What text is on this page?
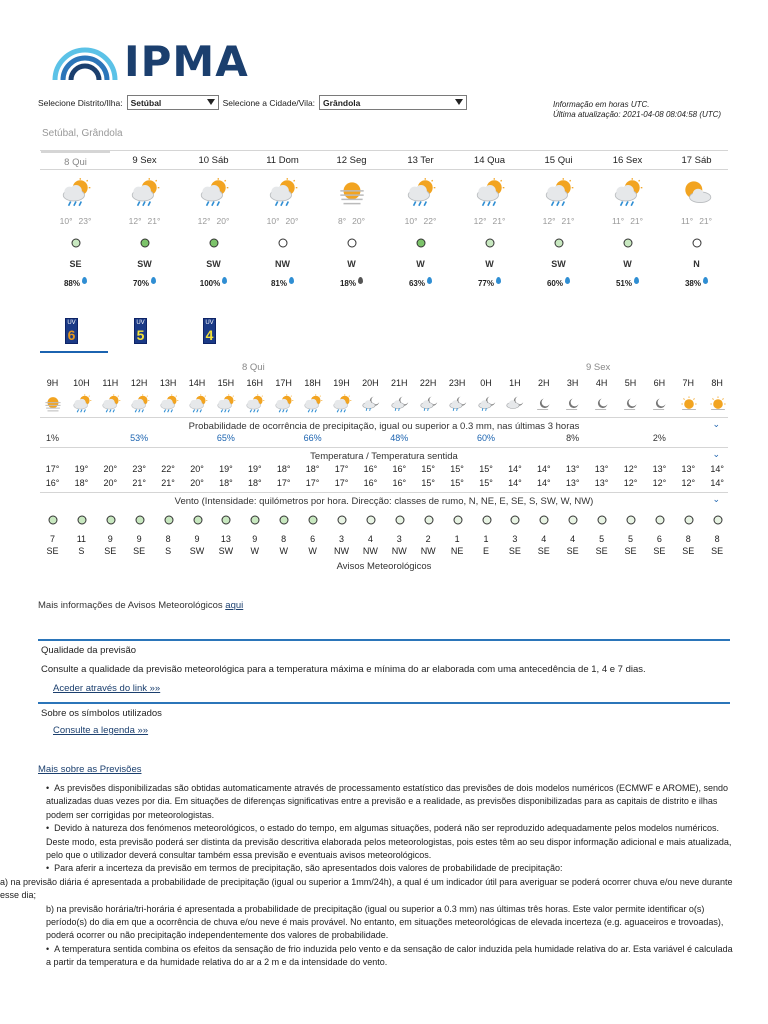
IPMA
Selecione Distrito/Ilha: Setúbal	Selecione a Cidade/Vila: Grândola	Informação em horas UTC.
Última atualização: 2021-04-08 08:04:58 (UTC)
Setúbal, Grândola
8 Qui	9 Sex	10 Sáb	11 Dom	12 Seg	13 Ter	14 Qua	15 Qui	16 Sex	17 Sáb
10° 23°	12° 21°	12° 20°	10° 20°	8° 20°	10° 22°	12° 21°	12° 21°	11° 21°	11° 21°
SE	SW	SW	NW	W	W	W	SW	W	N
88%	70%	100%	81%	18%	63%	77%	60%	51%	38%
UV
6
UV
5
UV
4
8 Qui	9 Sex
9H	10H	11H	12H	13H	14H	15H	16H	17H	18H	19H	20H	21H	22H	23H	0H	1H	2H	3H	4H	5H	6H	7H	8H
Probabilidade de ocorrência de precipitação, igual ou superior a 0.3 mm, nas últimas 3 horas	⌄
1%	53%	65%	66%	48%	60%	8%	2%
Temperatura / Temperatura sentida	⌄
17°	19°	20°	23°	22°	20°	19°	19°	18°	18°	17°	16°	16°	15°	15°	15°	14°	14°	13°	13°	12°	13°	13°	14°
16°	18°	20°	21°	21°	20°	18°	18°	17°	17°	17°	16°	16°	15°	15°	15°	14°	14°	13°	13°	12°	12°	12°	14°
Vento (Intensidade: quilómetros por hora. Direcção: classes de rumo, N, NE, E, SE, S, SW, W, NW)	⌄
7	11	9	9	8	9	13	9	8	6	3	4	3	2	1	1	3	4	4	5	5	6	8	8
SE	S	SE	SE	S	SW	SW	W	W	W	NW	NW	NW	NW	NE	E	SE	SE	SE	SE	SE	SE	SE	SE
Avisos Meteorológicos
Mais informações de Avisos Meteorológicos aqui
Qualidade da previsão
Consulte a qualidade da previsão meteorológica para a temperatura máxima e mínima do ar elaborada com uma antecedência de 1, 4 e 7 dias.
Aceder através do link »»
Sobre os símbolos utilizados
Consulte a legenda »»
Mais sobre as Previsões

• As previsões disponibilizadas são obtidas automaticamente através de processamento estatístico das previsões de dois modelos numéricos (ECMWF e AROME), sendo atualizadas duas vezes por dia. Em situações de diferenças significativas entre a previsão e a realidade, as previsões disponibilizadas para as capitais de distrito e ilhas podem ser corrigidas por meteorologistas.

• Devido à natureza dos fenómenos meteorológicos, o estado do tempo, em algumas situações, poderá não ser reproduzido adequadamente pelos modelos numéricos. Deste modo, esta previsão poderá ser distinta da previsão descritiva elaborada pelos meteorologistas, pois estes têm ao seu dispor informação adicional e mais atualizada, pelo que o utilizador deverá consultar também essa previsão e eventuais avisos meteorológicos.

• Para aferir a incerteza da previsão em termos de precipitação, são apresentados dois valores de probabilidade de precipitação:

a) na previsão diária é apresentada a probabilidade de precipitação (igual ou superior a 1mm/24h), a qual é um indicador útil para averiguar se poderá ocorrer chuva e/ou neve durante esse dia;

b) na previsão horária/tri-horária é apresentada a probabilidade de precipitação (igual ou superior a 0.3 mm) nas últimas três horas. Este valor permite identificar o(s) período(s) do dia em que a ocorrência de chuva e/ou neve é mais provável. No entanto, em situações meteorológicas de elevada incerteza (e.g. aguaceiros e trovoadas), poderá ocorrer ou não precipitação independentemente dos valores de probabilidade.

• A temperatura sentida combina os efeitos da sensação de frio induzida pelo vento e da sensação de calor induzida pela humidade relativa do ar. Esta variável é calculada a partir da temperatura e da humidade relativa do ar a 2 m e da intensidade do vento.
